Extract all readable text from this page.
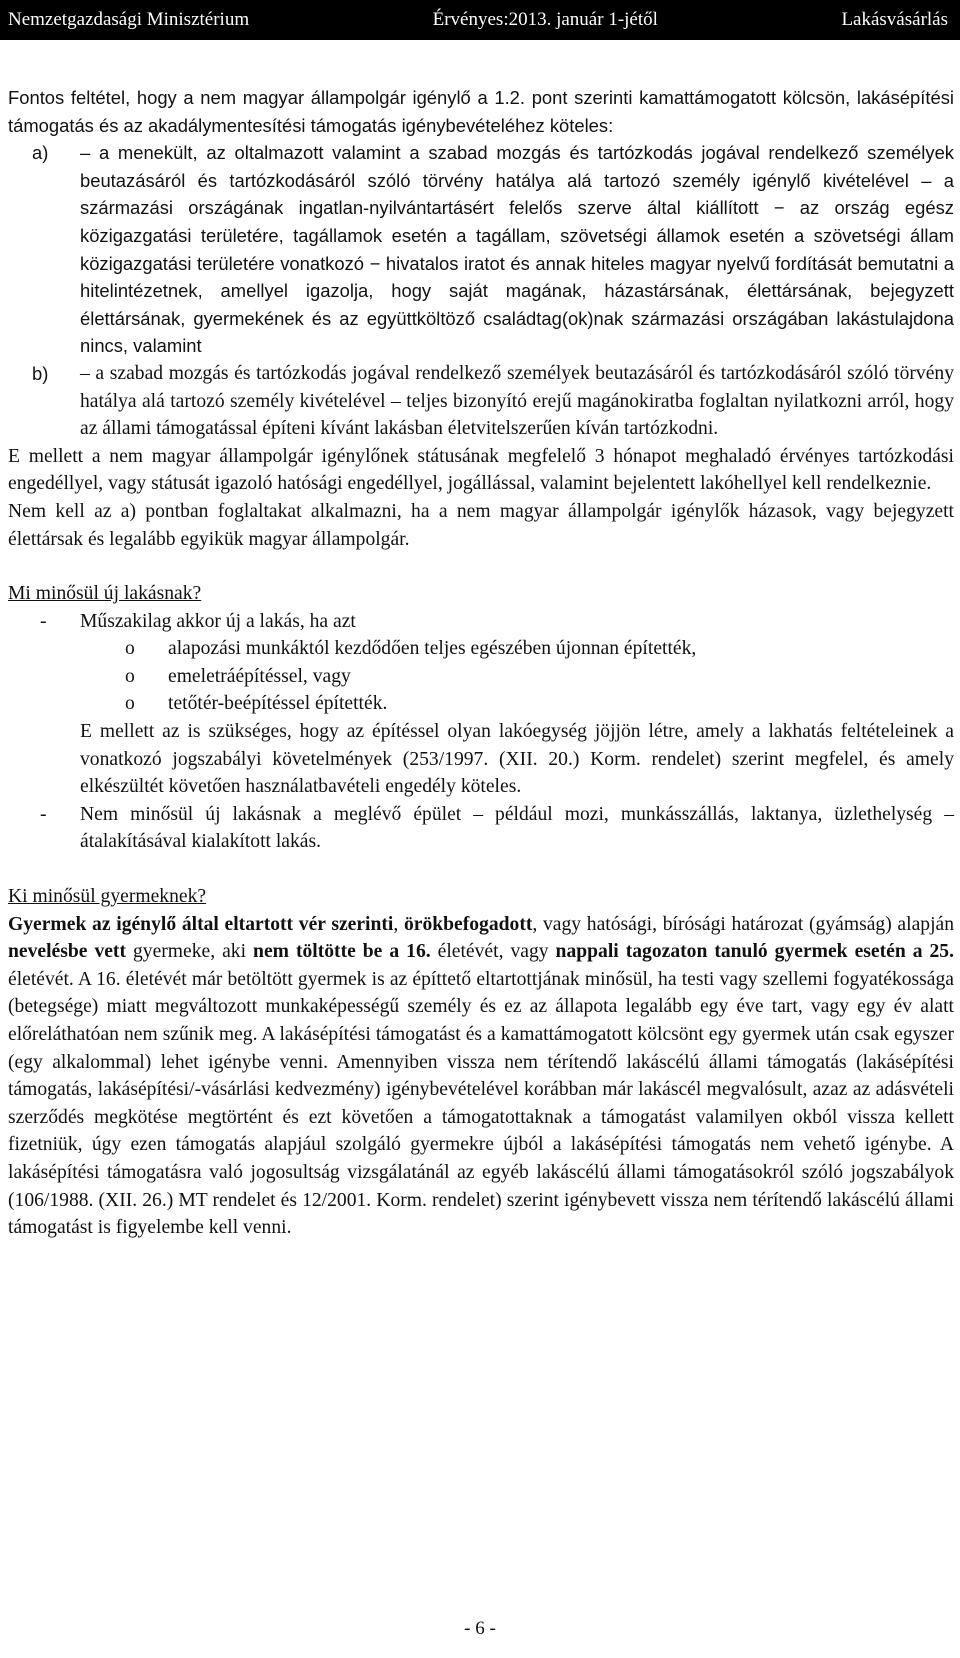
Nemzetgazdasági Minisztérium	Érvényes:2013. január 1-jétől	Lakásvásárlás

Fontos feltétel, hogy a nem magyar állampolgár igénylő a 1.2. pont szerinti kamattámogatott kölcsön, lakásépítési támogatás és az akadálymentesítési támogatás igénybevételéhez köteles:

a)	– a menekült, az oltalmazott valamint a szabad mozgás és tartózkodás jogával rendelkező személyek beutazásáról és tartózkodásáról szóló törvény hatálya alá tartozó személy igénylő kivételével – a származási országának ingatlan-nyilvántartásért felelős szerve által kiállított − az ország egész közigazgatási területére, tagállamok esetén a tagállam, szövetségi államok esetén a szövetségi állam közigazgatási területére vonatkozó − hivatalos iratot és annak hiteles magyar nyelvű fordítását bemutatni a hitelintézetnek, amellyel igazolja, hogy saját magának, házastársának, élettársának, bejegyzett élettársának, gyermekének és az együttköltöző családtag(ok)nak származási országában lakástulajdona nincs, valamint
b)	– a szabad mozgás és tartózkodás jogával rendelkező személyek beutazásáról és tartózkodásáról szóló törvény hatálya alá tartozó személy kivételével – teljes bizonyító erejű magánokiratba foglaltan nyilatkozni arról, hogy az állami támogatással építeni kívánt lakásban életvitelszerűen kíván tartózkodni.

E mellett a nem magyar állampolgár igénylőnek státusának megfelelő 3 hónapot meghaladó érvényes tartózkodási engedéllyel, vagy státusát igazoló hatósági engedéllyel, jogállással, valamint bejelentett lakóhellyel kell rendelkeznie.

Nem kell az a) pontban foglaltakat alkalmazni, ha a nem magyar állampolgár igénylők házasok, vagy bejegyzett élettársak és legalább egyikük magyar állampolgár.

Mi minősül új lakásnak?
-	Műszakilag akkor új a lakás, ha azt
o	alapozási munkáktól kezdődően teljes egészében újonnan építették,
o	emeletráépítéssel, vagy
o	tetőtér-beépítéssel építették.

E mellett az is szükséges, hogy az építéssel olyan lakóegység jöjjön létre, amely a lakhatás feltételeinek a vonatkozó jogszabályi követelmények (253/1997. (XII. 20.) Korm. rendelet) szerint megfelel, és amely elkészültét követően használatbavételi engedély köteles.

-	Nem minősül új lakásnak a meglévő épület – például mozi, munkásszállás, laktanya, üzlethelység – átalakításával kialakított lakás.
Ki minősül gyermeknek?

Gyermek az igénylő által eltartott vér szerinti, örökbefogadott, vagy hatósági, bírósági határozat (gyámság) alapján nevelésbe vett gyermeke, aki nem töltötte be a 16. életévét, vagy nappali tagozaton tanuló gyermek esetén a 25. életévét. A 16. életévét már betöltött gyermek is az építtető eltartottjának minősül, ha testi vagy szellemi fogyatékossága (betegsége) miatt megváltozott munkaképességű személy és ez az állapota legalább egy éve tart, vagy egy év alatt előreláthatóan nem szűnik meg. A lakásépítési támogatást és a kamattámogatott kölcsönt egy gyermek után csak egyszer (egy alkalommal) lehet igénybe venni. Amennyiben vissza nem térítendő lakáscélú állami támogatás (lakásépítési támogatás, lakásépítési/-vásárlási kedvezmény) igénybevételével korábban már lakáscél megvalósult, azaz az adásvételi szerződés megkötése megtörtént és ezt követően a támogatottaknak a támogatást valamilyen okból vissza kellett fizetniük, úgy ezen támogatás alapjául szolgáló gyermekre újból a lakásépítési támogatás nem vehető igénybe. A lakásépítési támogatásra való jogosultság vizsgálatánál az egyéb lakáscélú állami támogatásokról szóló jogszabályok (106/1988. (XII. 26.) MT rendelet és 12/2001. Korm. rendelet) szerint igénybevett vissza nem térítendő lakáscélú állami támogatást is figyelembe kell venni.

- 6 -
